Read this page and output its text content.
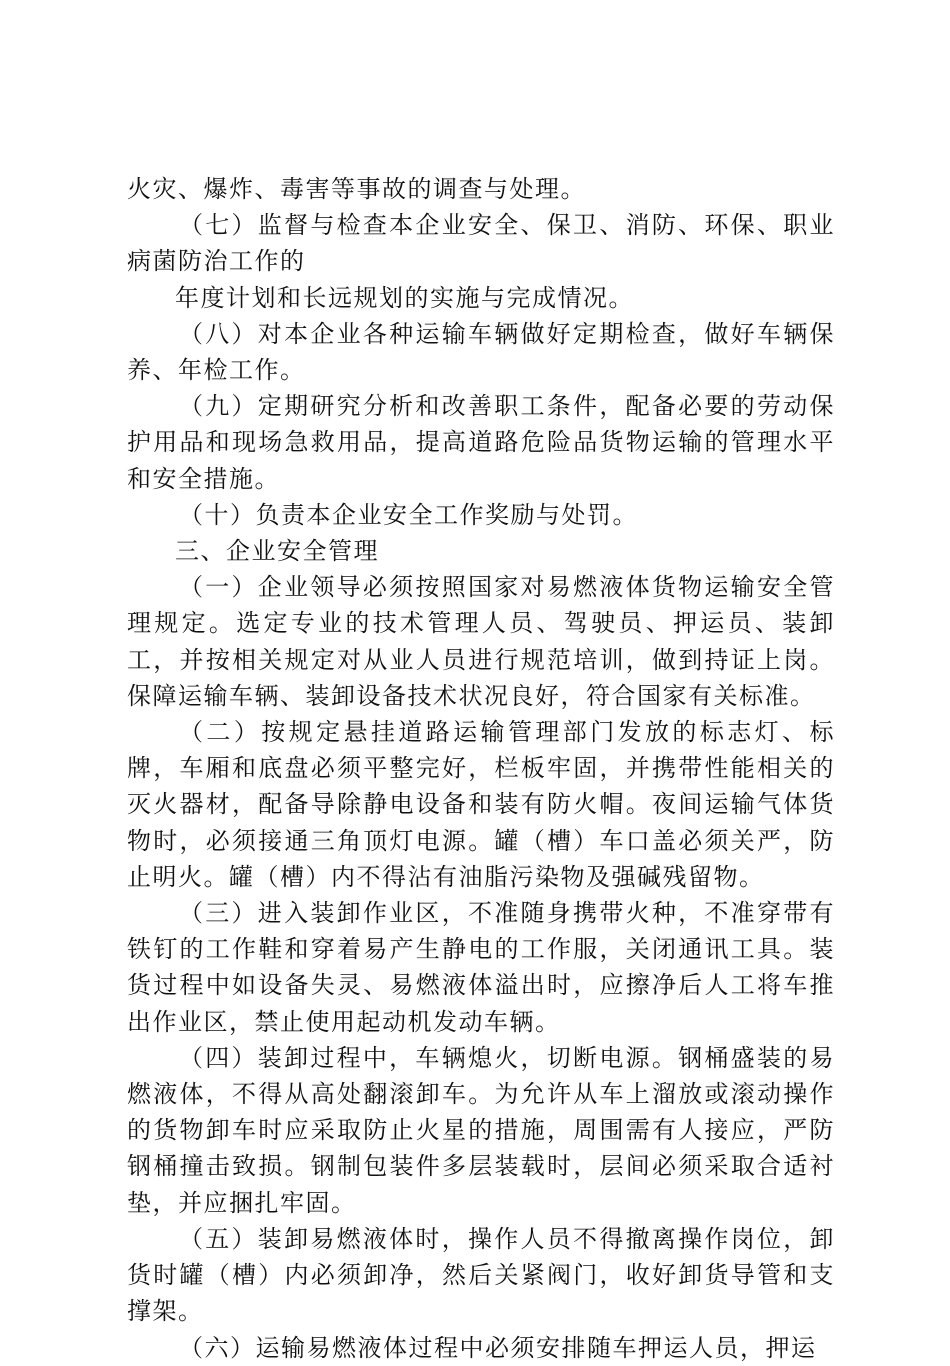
火灾、爆炸、毒害等事故的调查与处理。

（七）监督与检查本企业安全、保卫、消防、环保、职业病菌防治工作的

年度计划和长远规划的实施与完成情况。

（八）对本企业各种运输车辆做好定期检查，做好车辆保养、年检工作。

（九）定期研究分析和改善职工条件，配备必要的劳动保护用品和现场急救用品，提高道路危险品货物运输的管理水平和安全措施。

（十）负责本企业安全工作奖励与处罚。

三、企业安全管理

（一）企业领导必须按照国家对易燃液体货物运输安全管理规定。选定专业的技术管理人员、驾驶员、押运员、装卸工，并按相关规定对从业人员进行规范培训，做到持证上岗。保障运输车辆、装卸设备技术状况良好，符合国家有关标准。

（二）按规定悬挂道路运输管理部门发放的标志灯、标牌，车厢和底盘必须平整完好，栏板牢固，并携带性能相关的灭火器材，配备导除静电设备和装有防火帽。夜间运输气体货物时，必须接通三角顶灯电源。罐（槽）车口盖必须关严，防止明火。罐（槽）内不得沾有油脂污染物及强碱残留物。

（三）进入装卸作业区，不准随身携带火种，不准穿带有铁钉的工作鞋和穿着易产生静电的工作服，关闭通讯工具。装货过程中如设备失灵、易燃液体溢出时，应擦净后人工将车推出作业区，禁止使用起动机发动车辆。

（四）装卸过程中，车辆熄火，切断电源。钢桶盛装的易燃液体，不得从高处翻滚卸车。为允许从车上溜放或滚动操作的货物卸车时应采取防止火星的措施，周围需有人接应，严防钢桶撞击致损。钢制包装件多层装载时，层间必须采取合适衬垫，并应捆扎牢固。

（五）装卸易燃液体时，操作人员不得撤离操作岗位，卸货时罐（槽）内必须卸净，然后关紧阀门，收好卸货导管和支撑架。

（六）运输易燃液体过程中必须安排随车押运人员，押运
